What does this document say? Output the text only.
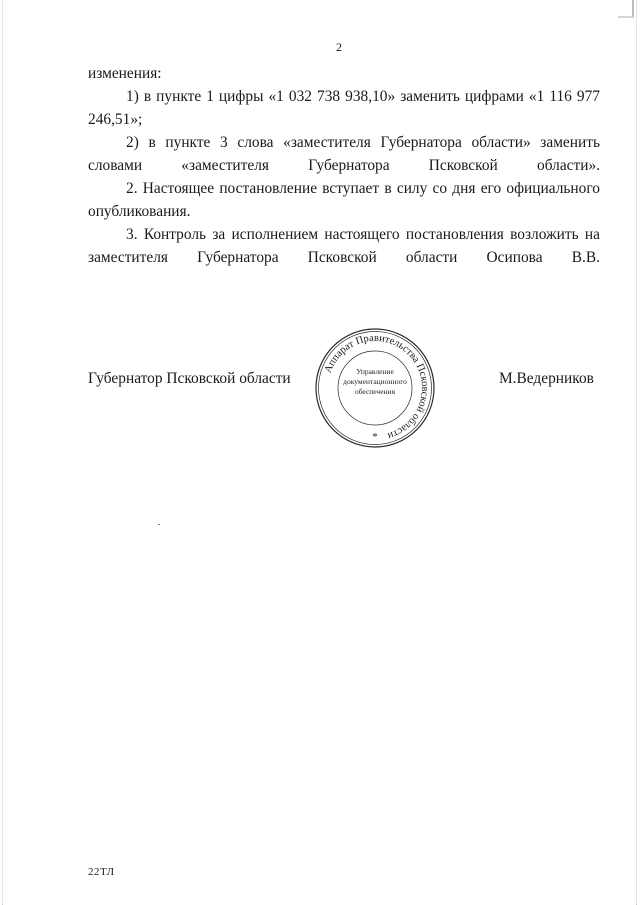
2

изменения:

1) в пункте 1 цифры «1 032 738 938,10» заменить цифрами «1 116 977 246,51»;

2) в пункте 3 слова «заместителя Губернатора области» заменить словами «заместителя Губернатора Псковской области».

2. Настоящее постановление вступает в силу со дня его официального опубликования.

3. Контроль за исполнением настоящего постановления возложить на заместителя Губернатора Псковской области Осипова В.В.

Губернатор Псковской области
Аппарат Правительства Псковской области
Управление
документационного
обеспечения
*
М.Ведерников
22ТЛ
